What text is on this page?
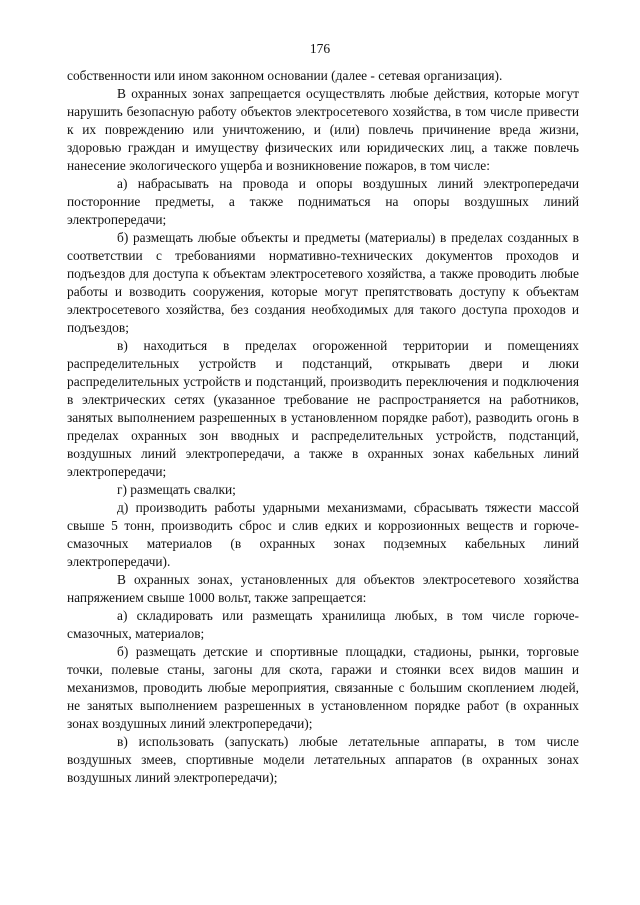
176

собственности или ином законном основании (далее - сетевая организация).

В охранных зонах запрещается осуществлять любые действия, которые могут нарушить безопасную работу объектов электросетевого хозяйства, в том числе привести к их повреждению или уничтожению, и (или) повлечь причинение вреда жизни, здоровью граждан и имуществу физических или юридических лиц, а также повлечь нанесение экологического ущерба и возникновение пожаров, в том числе:

а) набрасывать на провода и опоры воздушных линий электропередачи посторонние предметы, а также подниматься на опоры воздушных линий электропередачи;

б) размещать любые объекты и предметы (материалы) в пределах созданных в соответствии с требованиями нормативно-технических документов проходов и подъездов для доступа к объектам электросетевого хозяйства, а также проводить любые работы и возводить сооружения, которые могут препятствовать доступу к объектам электросетевого хозяйства, без создания необходимых для такого доступа проходов и подъездов;

в) находиться в пределах огороженной территории и помещениях распределительных устройств и подстанций, открывать двери и люки распределительных устройств и подстанций, производить переключения и подключения в электрических сетях (указанное требование не распространяется на работников, занятых выполнением разрешенных в установленном порядке работ), разводить огонь в пределах охранных зон вводных и распределительных устройств, подстанций, воздушных линий электропередачи, а также в охранных зонах кабельных линий электропередачи;

г) размещать свалки;

д) производить работы ударными механизмами, сбрасывать тяжести массой свыше 5 тонн, производить сброс и слив едких и коррозионных веществ и горюче-смазочных материалов (в охранных зонах подземных кабельных линий электропередачи).

В охранных зонах, установленных для объектов электросетевого хозяйства напряжением свыше 1000 вольт, также запрещается:

а) складировать или размещать хранилища любых, в том числе горюче-смазочных, материалов;

б) размещать детские и спортивные площадки, стадионы, рынки, торговые точки, полевые станы, загоны для скота, гаражи и стоянки всех видов машин и механизмов, проводить любые мероприятия, связанные с большим скоплением людей, не занятых выполнением разрешенных в установленном порядке работ (в охранных зонах воздушных линий электропередачи);

в) использовать (запускать) любые летательные аппараты, в том числе воздушных змеев, спортивные модели летательных аппаратов (в охранных зонах воздушных линий электропередачи);
